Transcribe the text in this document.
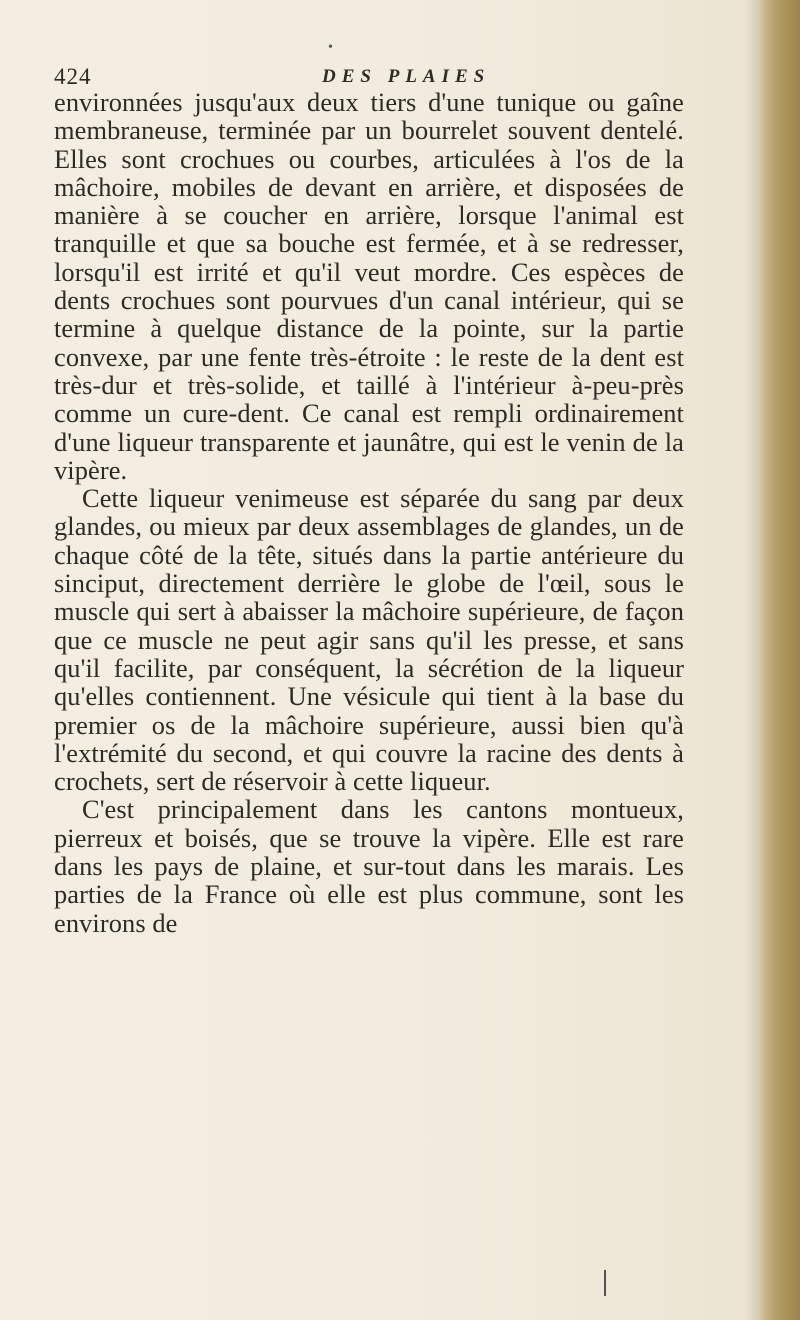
•
424	DES PLAIES

environnées jusqu'aux deux tiers d'une tunique ou gaîne membraneuse, terminée par un bourrelet souvent dentelé. Elles sont crochues ou courbes, articulées à l'os de la mâchoire, mobiles de devant en arrière, et disposées de manière à se coucher en arrière, lorsque l'animal est tranquille et que sa bouche est fermée, et à se redresser, lorsqu'il est irrité et qu'il veut mordre. Ces espèces de dents crochues sont pourvues d'un canal intérieur, qui se termine à quelque distance de la pointe, sur la partie convexe, par une fente très-étroite : le reste de la dent est très-dur et très-solide, et taillé à l'intérieur à-peu-près comme un cure-dent. Ce canal est rempli ordinairement d'une liqueur transparente et jaunâtre, qui est le venin de la vipère.

Cette liqueur venimeuse est séparée du sang par deux glandes, ou mieux par deux assemblages de glandes, un de chaque côté de la tête, situés dans la partie antérieure du sinciput, directement derrière le globe de l'œil, sous le muscle qui sert à abaisser la mâchoire supérieure, de façon que ce muscle ne peut agir sans qu'il les presse, et sans qu'il facilite, par conséquent, la sécrétion de la liqueur qu'elles contiennent. Une vésicule qui tient à la base du premier os de la mâchoire supérieure, aussi bien qu'à l'extrémité du second, et qui couvre la racine des dents à crochets, sert de réservoir à cette liqueur.

C'est principalement dans les cantons montueux, pierreux et boisés, que se trouve la vipère. Elle est rare dans les pays de plaine, et sur-tout dans les marais. Les parties de la France où elle est plus commune, sont les environs de
